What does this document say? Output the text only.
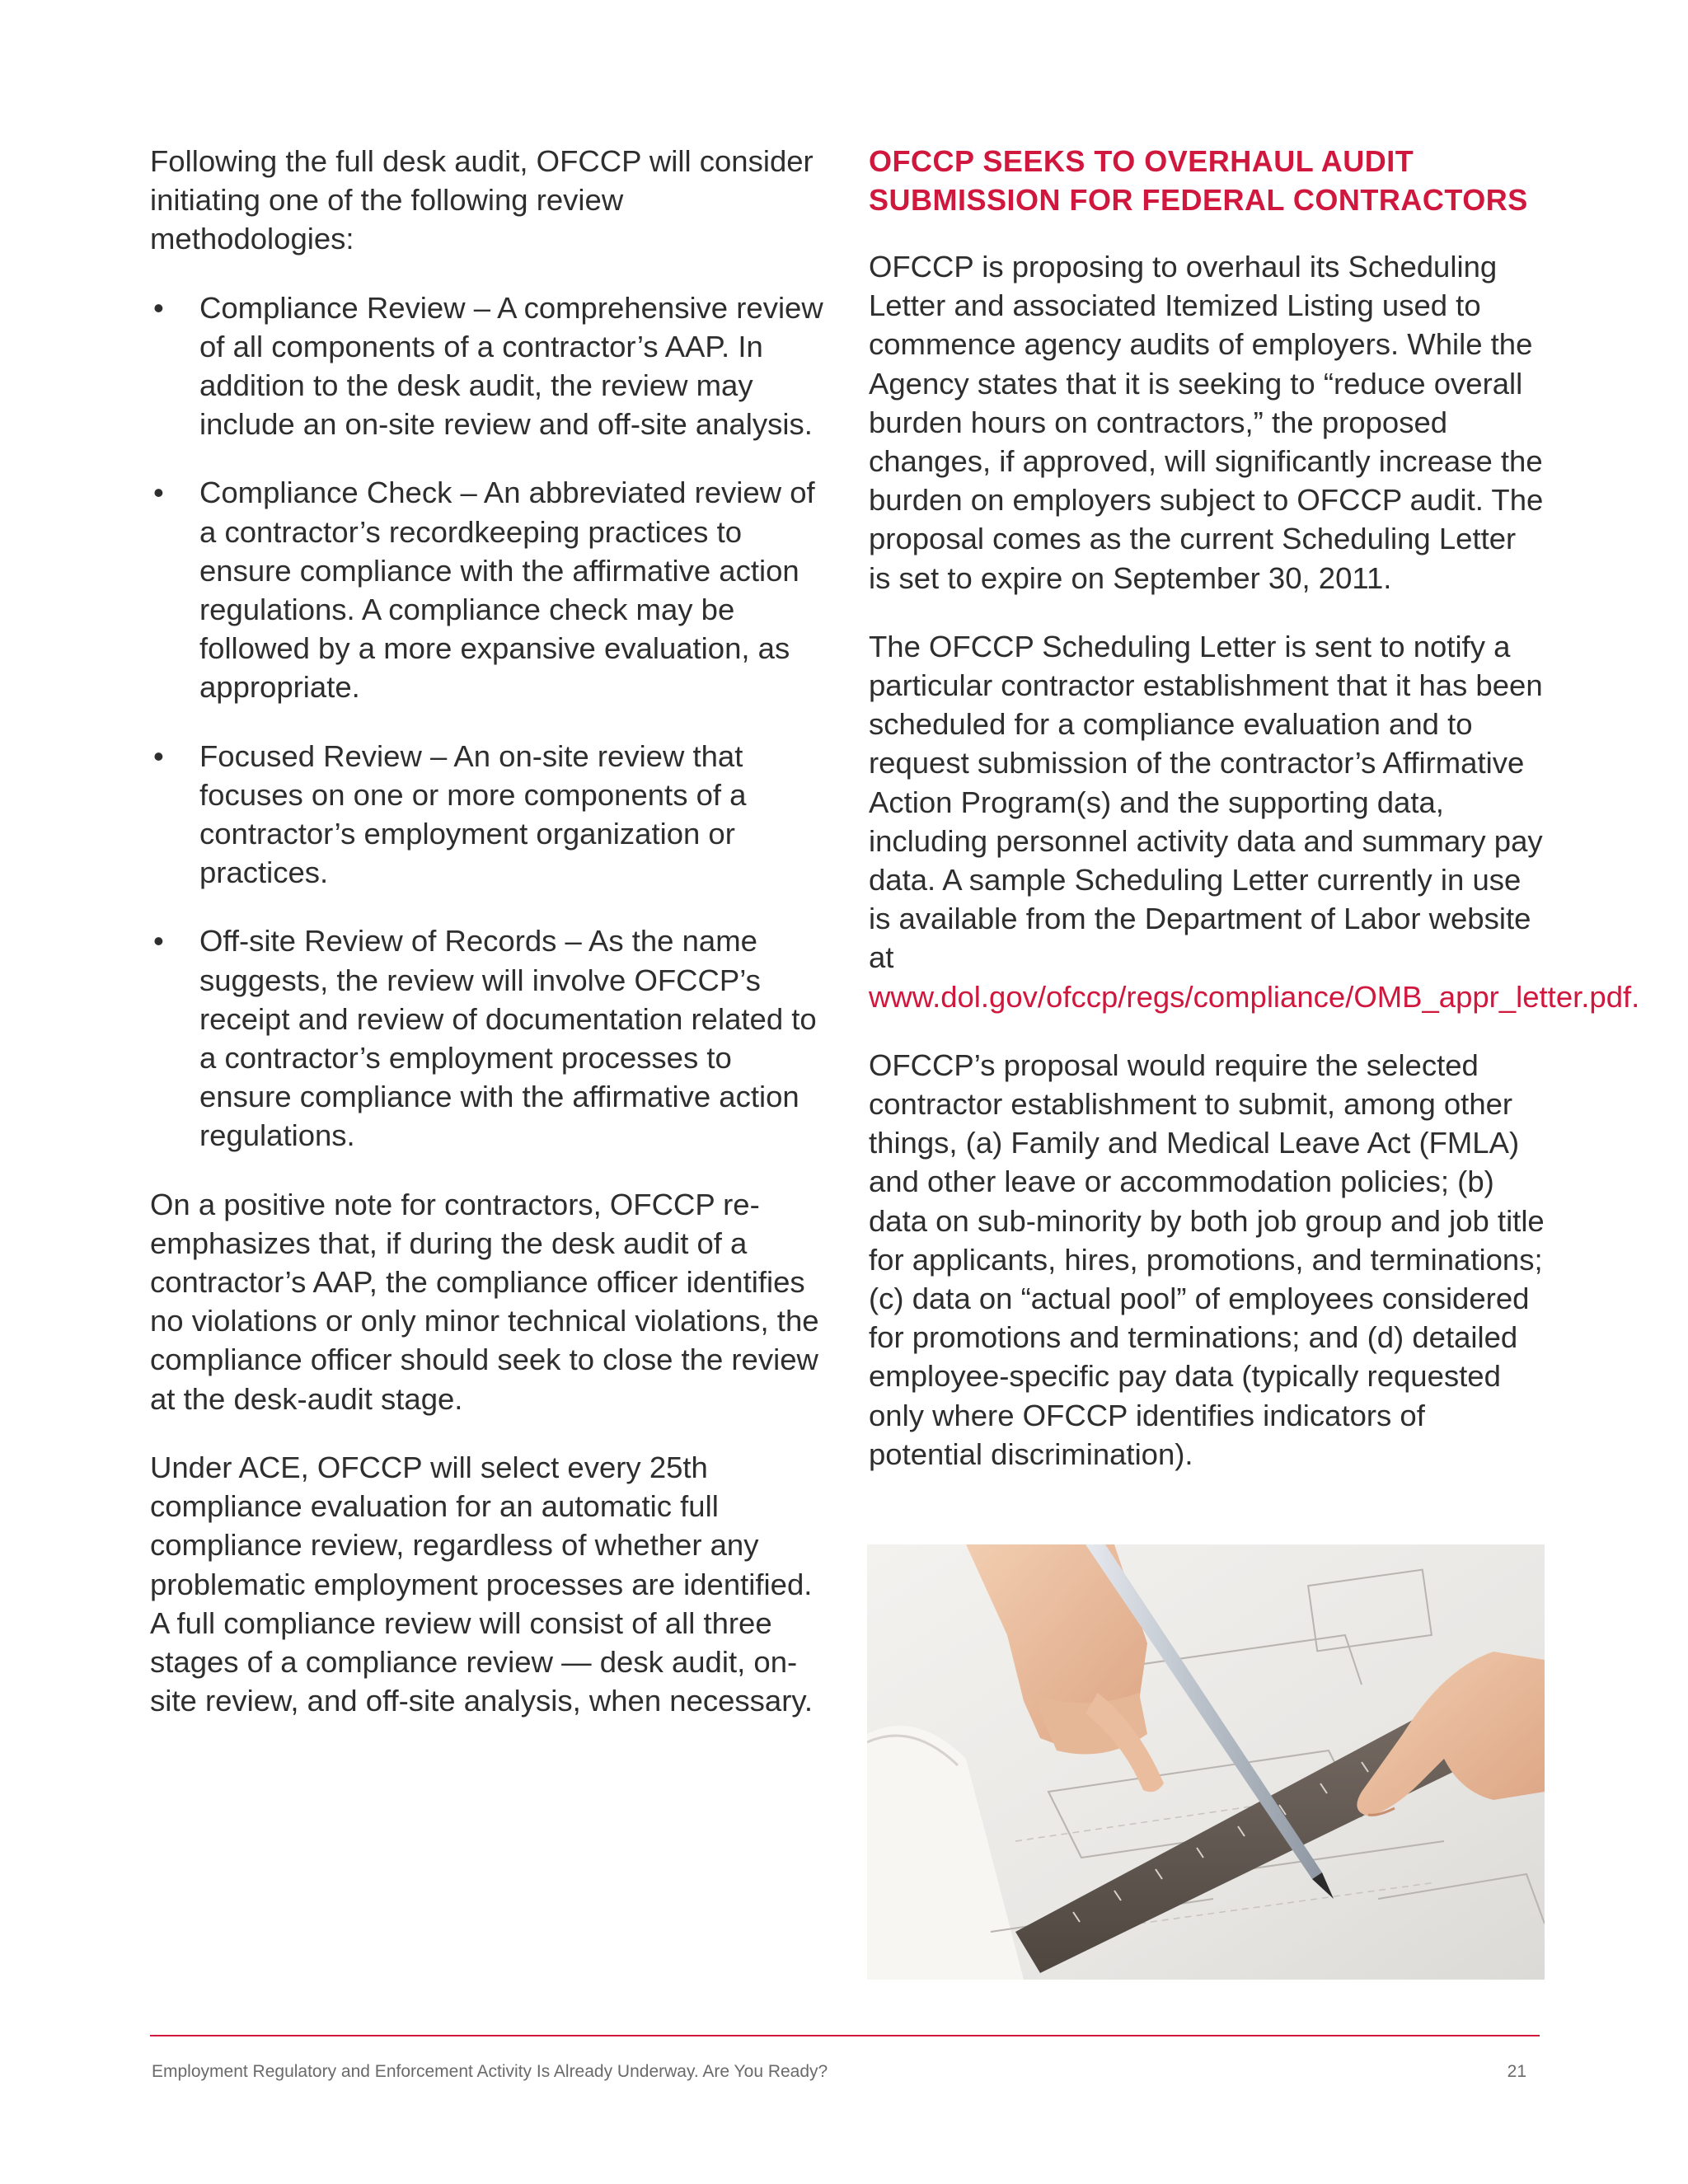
Following the full desk audit, OFCCP will consider initiating one of the following review methodologies:

• Compliance Review – A comprehensive review of all components of a contractor’s AAP. In addition to the desk audit, the review may include an on-site review and off-site analysis.
• Compliance Check – An abbreviated review of a contractor’s recordkeeping practices to ensure compliance with the affirmative action regulations. A compliance check may be followed by a more expansive evaluation, as appropriate.
• Focused Review – An on-site review that focuses on one or more components of a contractor’s employment organization or practices.
• Off-site Review of Records – As the name suggests, the review will involve OFCCP’s receipt and review of documentation related to a contractor’s employment processes to ensure compliance with the affirmative action regulations.

On a positive note for contractors, OFCCP re-emphasizes that, if during the desk audit of a contractor’s AAP, the compliance officer identifies no violations or only minor technical violations, the compliance officer should seek to close the review at the desk-audit stage.

Under ACE, OFCCP will select every 25th compliance evaluation for an automatic full compliance review, regardless of whether any problematic employment processes are identified. A full compliance review will consist of all three stages of a compliance review — desk audit, on-site review, and off-site analysis, when necessary.

OFCCP SEEKS TO OVERHAUL AUDIT SUBMISSION FOR FEDERAL CONTRACTORS

OFCCP is proposing to overhaul its Scheduling Letter and associated Itemized Listing used to commence agency audits of employers. While the Agency states that it is seeking to “reduce overall burden hours on contractors,” the proposed changes, if approved, will significantly increase the burden on employers subject to OFCCP audit. The proposal comes as the current Scheduling Letter is set to expire on September 30, 2011.

The OFCCP Scheduling Letter is sent to notify a particular contractor establishment that it has been scheduled for a compliance evaluation and to request submission of the contractor’s Affirmative Action Program(s) and the supporting data, including personnel activity data and summary pay data. A sample Scheduling Letter currently in use is available from the Department of Labor website at www.dol.gov/ofccp/regs/compliance/OMB_appr_letter.pdf.

OFCCP’s proposal would require the selected contractor establishment to submit, among other things, (a) Family and Medical Leave Act (FMLA) and other leave or accommodation policies; (b) data on sub-minority by both job group and job title for applicants, hires, promotions, and terminations; (c) data on “actual pool” of employees considered for promotions and terminations; and (d) detailed employee-specific pay data (typically requested only where OFCCP identifies indicators of potential discrimination).

Employment Regulatory and Enforcement Activity Is Already Underway. Are You Ready?	21
